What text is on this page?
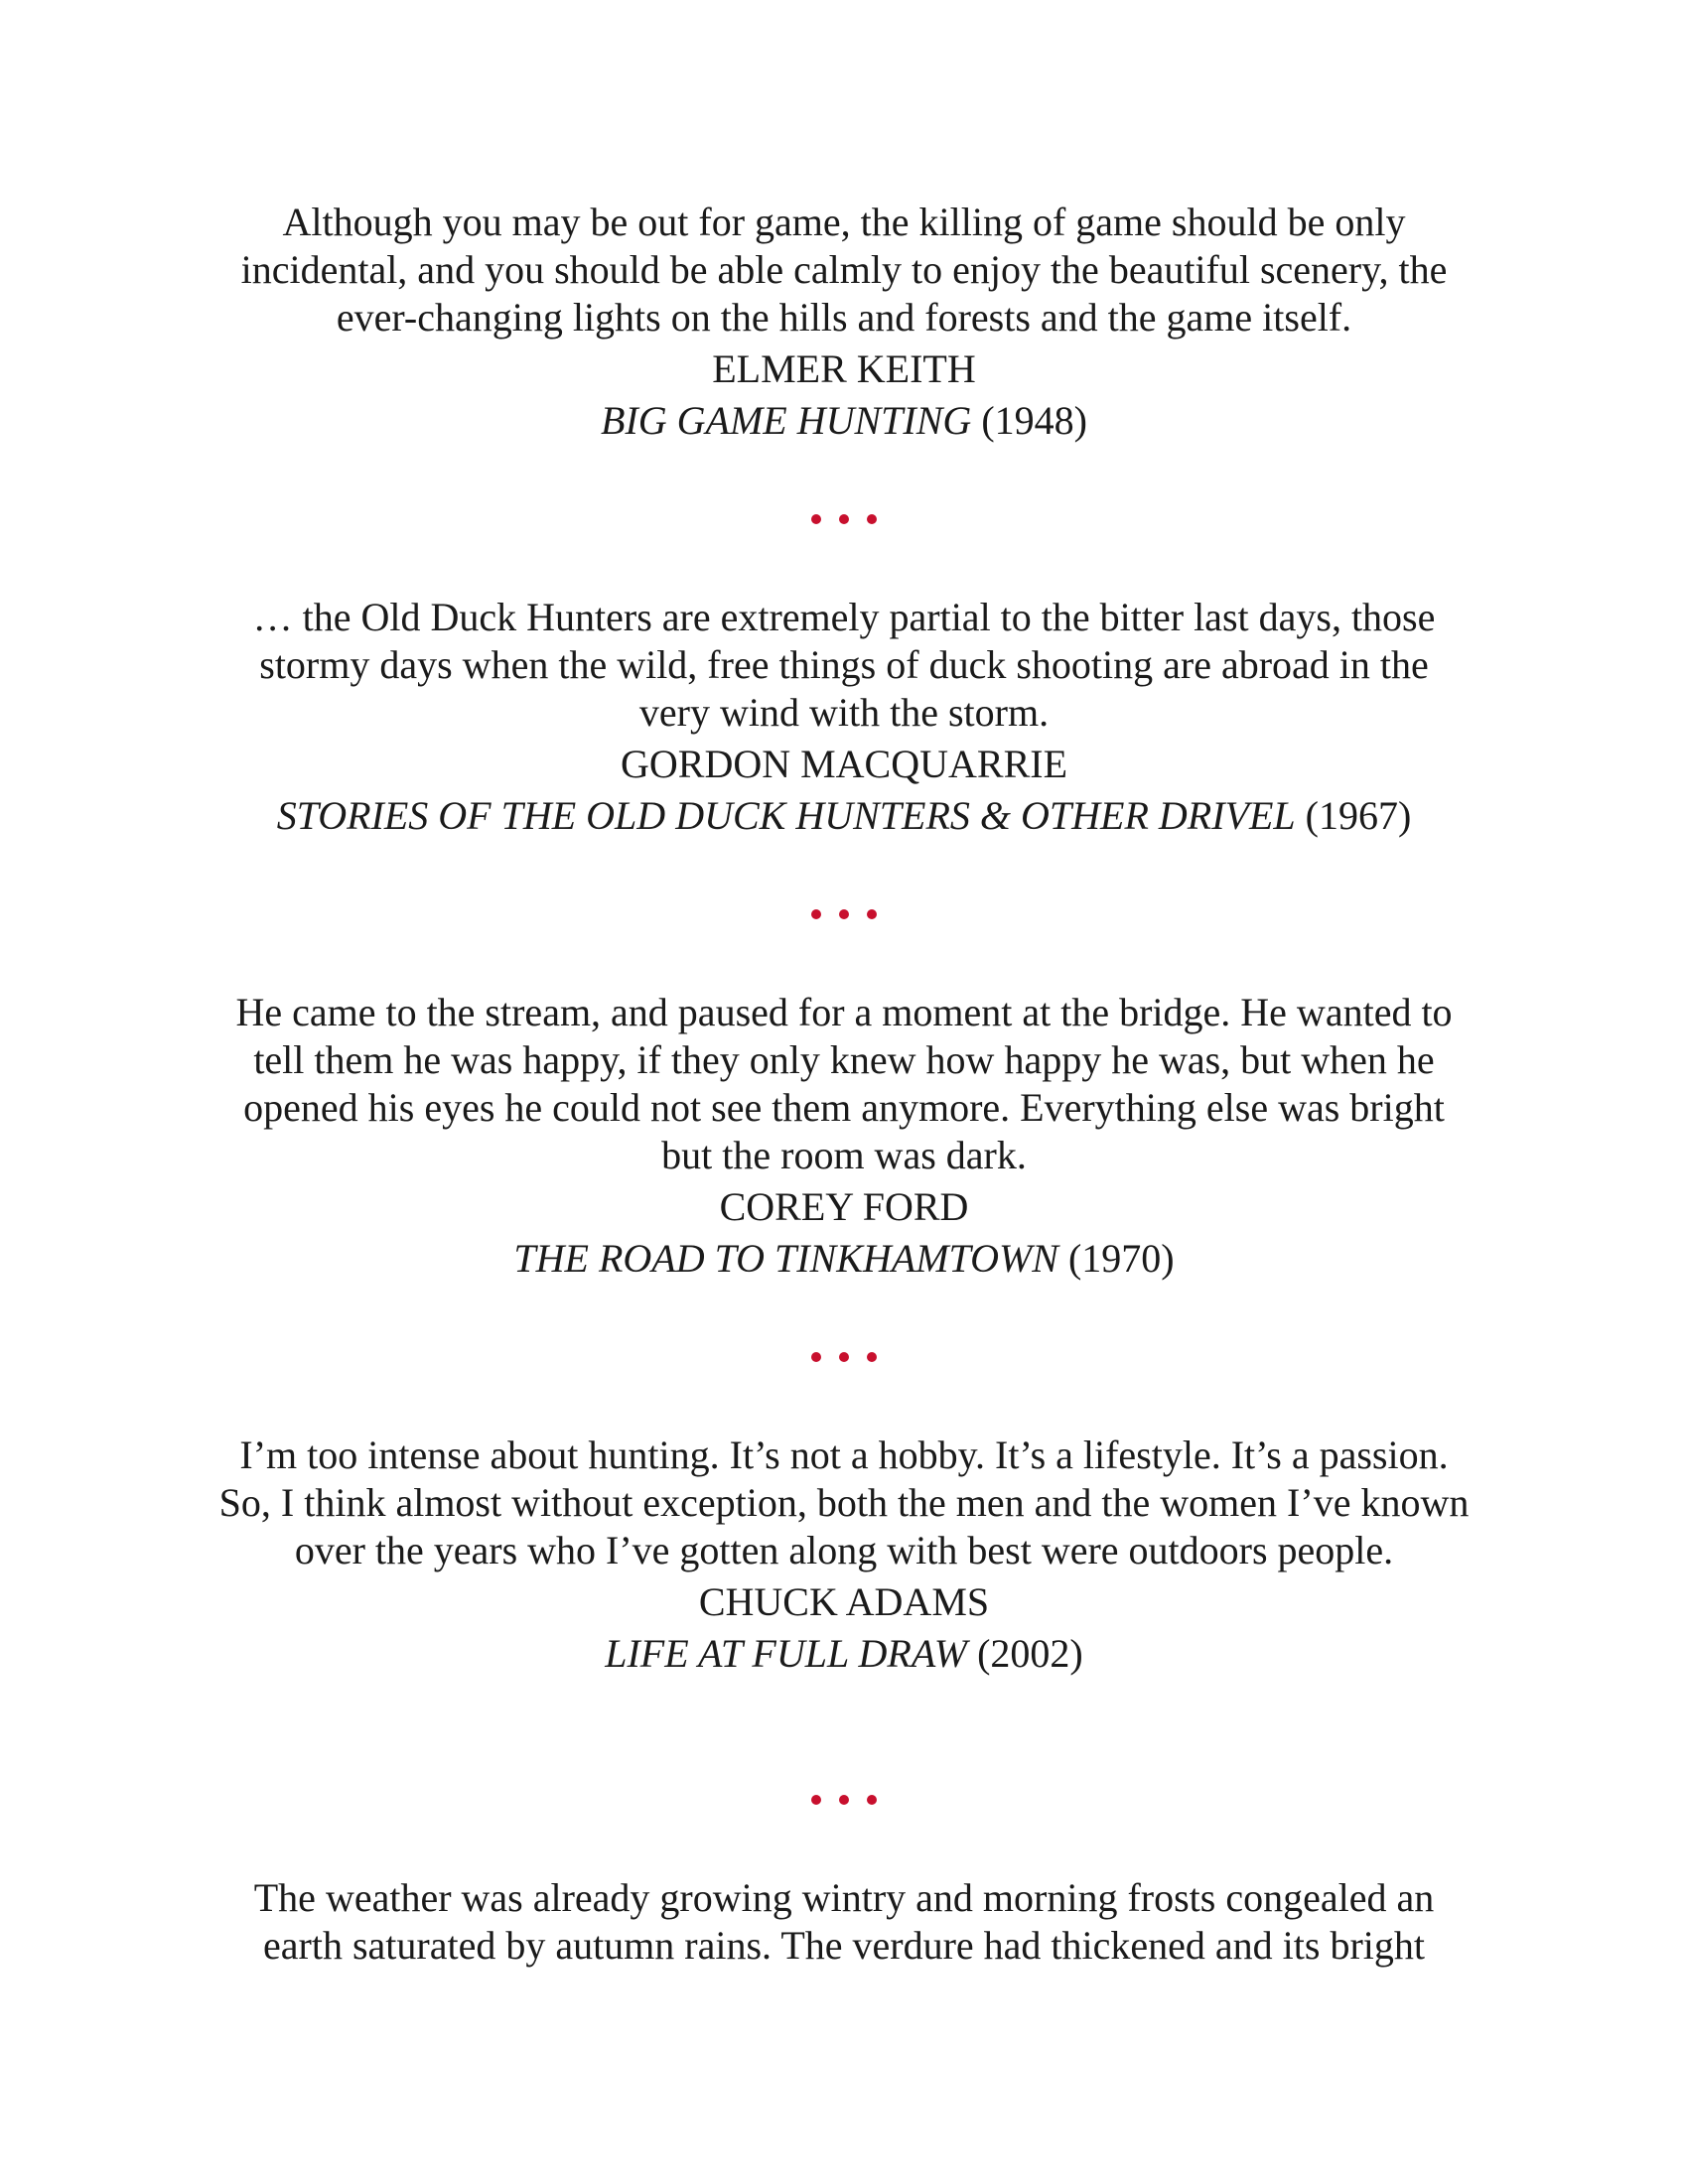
Although you may be out for game, the killing of game should be only incidental, and you should be able calmly to enjoy the beautiful scenery, the ever-changing lights on the hills and forests and the game itself.

ELMER KEITH

BIG GAME HUNTING (1948)

… the Old Duck Hunters are extremely partial to the bitter last days, those stormy days when the wild, free things of duck shooting are abroad in the very wind with the storm.

GORDON MACQUARRIE

STORIES OF THE OLD DUCK HUNTERS & OTHER DRIVEL (1967)

He came to the stream, and paused for a moment at the bridge. He wanted to tell them he was happy, if they only knew how happy he was, but when he opened his eyes he could not see them anymore. Everything else was bright but the room was dark.

COREY FORD

THE ROAD TO TINKHAMTOWN (1970)

I’m too intense about hunting. It’s not a hobby. It’s a lifestyle. It’s a passion. So, I think almost without exception, both the men and the women I’ve known over the years who I’ve gotten along with best were outdoors people.

CHUCK ADAMS

LIFE AT FULL DRAW (2002)

The weather was already growing wintry and morning frosts congealed an earth saturated by autumn rains. The verdure had thickened and its bright
